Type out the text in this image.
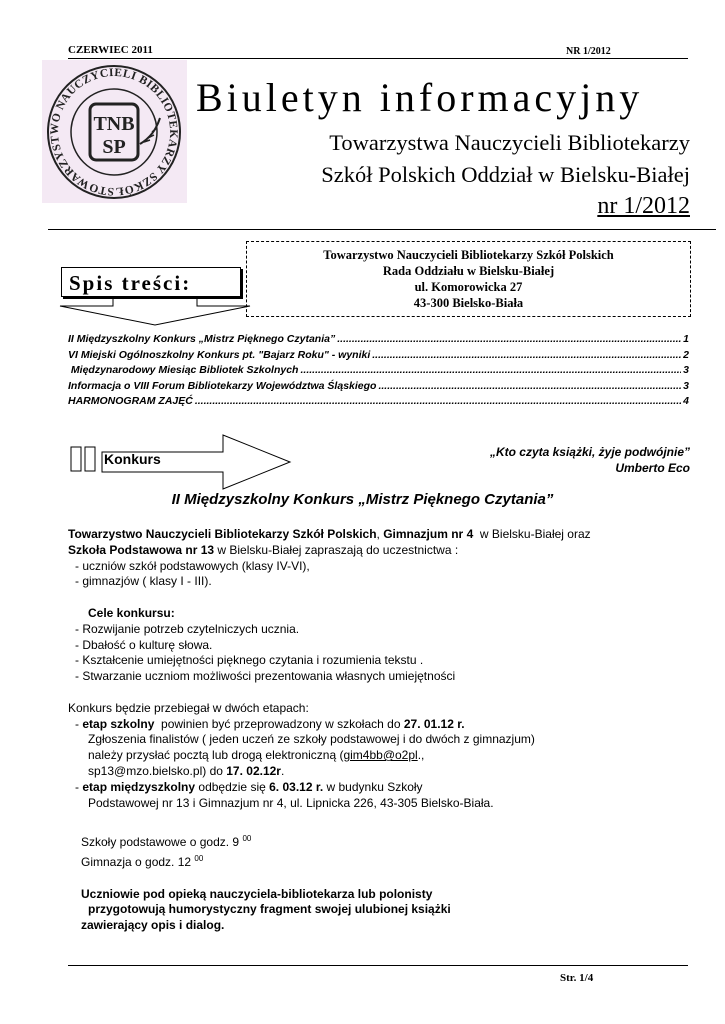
CZERWIEC 2011	NR 1/2012
STOWARZYSTWO NAUCZYCIELI BIBLIOTEKARZY SZKÓŁ
TNB
SP
Biuletyn informacyjny
Towarzystwa Nauczycieli Bibliotekarzy
Szkół Polskich Oddział w Bielsku-Białej
nr 1/2012
Towarzystwo Nauczycieli Bibliotekarzy Szkół Polskich
Rada Oddziału w Bielsku-Białej
ul. Komorowicka 27
43-300 Bielsko-Biała
Spis treści:
II Międzyszkolny Konkurs „Mistrz Pięknego Czytania” .....	1
VI Miejski Ogólnoszkolny Konkurs pt. "Bajarz Roku" - wyniki .....	2
Międzynarodowy Miesiąc Bibliotek Szkolnych .....	3
Informacja o VIII Forum Bibliotekarzy Województwa Śląskiego .....	3
HARMONOGRAM ZAJĘĆ .....	4
Konkurs	„Kto czyta książki, żyje podwójnie”
Umberto Eco
II Międzyszkolny Konkurs „Mistrz Pięknego Czytania”

Towarzystwo Nauczycieli Bibliotekarzy Szkół Polskich, Gimnazjum nr 4  w Bielsku-Białej oraz

Szkoła Podstawowa nr 13 w Bielsku-Białej zapraszają do uczestnictwa :

- uczniów szkół podstawowych (klasy IV-VI),

- gimnazjów ( klasy I - III).

Cele konkursu:

- Rozwijanie potrzeb czytelniczych ucznia.

- Dbałość o kulturę słowa.

- Kształcenie umiejętności pięknego czytania i rozumienia tekstu .

- Stwarzanie uczniom możliwości prezentowania własnych umiejętności

Konkurs będzie przebiegał w dwóch etapach:

- etap szkolny  powinien być przeprowadzony w szkołach do 27. 01.12 r.

Zgłoszenia finalistów ( jeden uczeń ze szkoły podstawowej i do dwóch z gimnazjum)

należy przysłać pocztą lub drogą elektroniczną (gim4bb@o2pl.,

sp13@mzo.bielsko.pl) do 17. 02.12r.

- etap międzyszkolny odbędzie się 6. 03.12 r. w budynku Szkoły

Podstawowej nr 13 i Gimnazjum nr 4, ul. Lipnicka 226, 43-305 Bielsko-Biała.

Szkoły podstawowe o godz. 9 $^{00}$

Gimnazja o godz. 12 $^{00}$

Uczniowie pod opieką nauczyciela-bibliotekarza lub polonisty

przygotowują humorystyczny fragment swojej ulubionej książki

zawierający opis i dialog.

Str. 1/4
